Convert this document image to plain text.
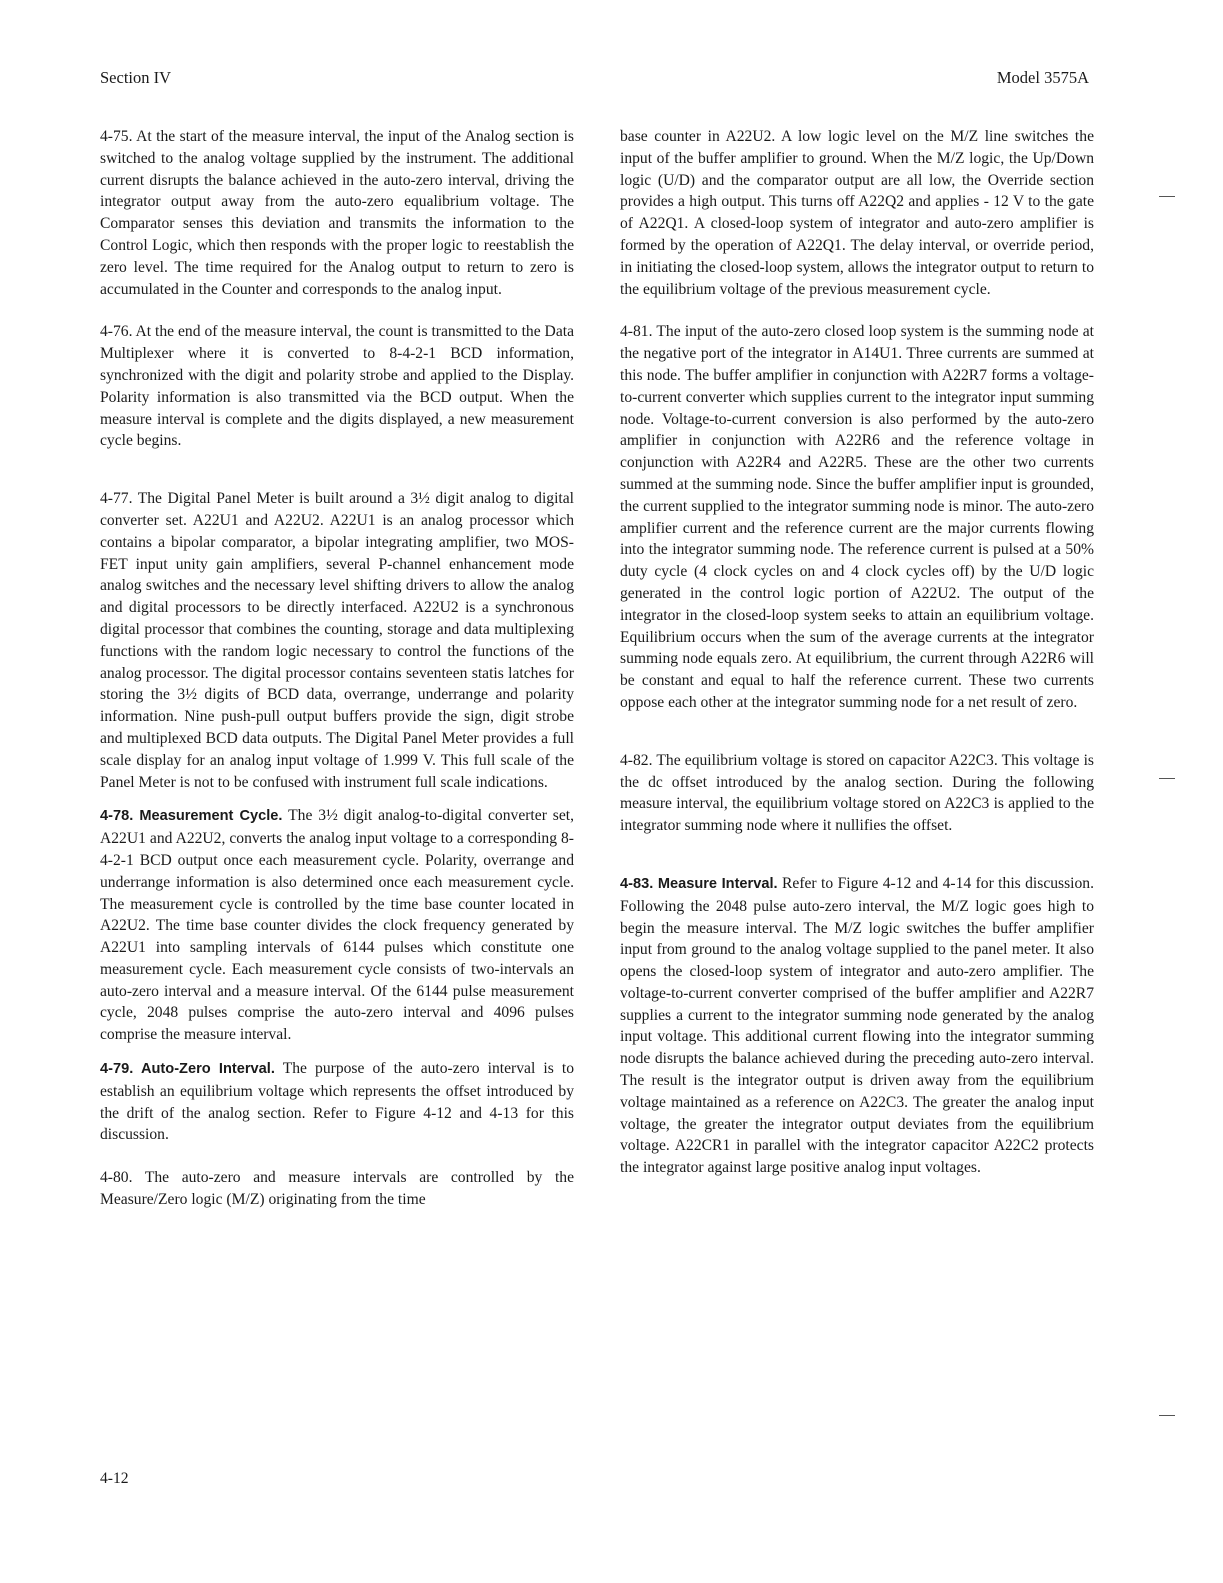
Section IV	Model 3575A

4-75. At the start of the measure interval, the input of the Analog section is switched to the analog voltage supplied by the instrument. The additional current disrupts the balance achieved in the auto-zero interval, driving the integrator output away from the auto-zero equalibrium voltage. The Comparator senses this deviation and transmits the information to the Control Logic, which then responds with the proper logic to reestablish the zero level. The time required for the Analog output to return to zero is accumulated in the Counter and corresponds to the analog input.

4-76. At the end of the measure interval, the count is transmitted to the Data Multiplexer where it is converted to 8-4-2-1 BCD information, synchronized with the digit and polarity strobe and applied to the Display. Polarity information is also transmitted via the BCD output. When the measure interval is complete and the digits displayed, a new measurement cycle begins.

4-77. The Digital Panel Meter is built around a 3½ digit analog to digital converter set. A22U1 and A22U2. A22U1 is an analog processor which contains a bipolar comparator, a bipolar integrating amplifier, two MOS-FET input unity gain amplifiers, several P-channel enhancement mode analog switches and the necessary level shifting drivers to allow the analog and digital processors to be directly interfaced. A22U2 is a synchronous digital processor that combines the counting, storage and data multiplexing functions with the random logic necessary to control the functions of the analog processor. The digital processor contains seventeen statis latches for storing the 3½ digits of BCD data, overrange, underrange and polarity information. Nine push-pull output buffers provide the sign, digit strobe and multiplexed BCD data outputs. The Digital Panel Meter provides a full scale display for an analog input voltage of 1.999 V. This full scale of the Panel Meter is not to be confused with instrument full scale indications.

4-78. Measurement Cycle. The 3½ digit analog-to-digital converter set, A22U1 and A22U2, converts the analog input voltage to a corresponding 8-4-2-1 BCD output once each measurement cycle. Polarity, overrange and underrange information is also determined once each measurement cycle. The measurement cycle is controlled by the time base counter located in A22U2. The time base counter divides the clock frequency generated by A22U1 into sampling intervals of 6144 pulses which constitute one measurement cycle. Each measurement cycle consists of two-intervals an auto-zero interval and a measure interval. Of the 6144 pulse measurement cycle, 2048 pulses comprise the auto-zero interval and 4096 pulses comprise the measure interval.

4-79. Auto-Zero Interval. The purpose of the auto-zero interval is to establish an equilibrium voltage which represents the offset introduced by the drift of the analog section. Refer to Figure 4-12 and 4-13 for this discussion.

4-80. The auto-zero and measure intervals are controlled by the Measure/Zero logic (M/Z) originating from the time

base counter in A22U2. A low logic level on the M/Z line switches the input of the buffer amplifier to ground. When the M/Z logic, the Up/Down logic (U/D) and the comparator output are all low, the Override section provides a high output. This turns off A22Q2 and applies - 12 V to the gate of A22Q1. A closed-loop system of integrator and auto-zero amplifier is formed by the operation of A22Q1. The delay interval, or override period, in initiating the closed-loop system, allows the integrator output to return to the equilibrium voltage of the previous measurement cycle.

4-81. The input of the auto-zero closed loop system is the summing node at the negative port of the integrator in A14U1. Three currents are summed at this node. The buffer amplifier in conjunction with A22R7 forms a voltage-to-current converter which supplies current to the integrator input summing node. Voltage-to-current conversion is also performed by the auto-zero amplifier in conjunction with A22R6 and the reference voltage in conjunction with A22R4 and A22R5. These are the other two currents summed at the summing node. Since the buffer amplifier input is grounded, the current supplied to the integrator summing node is minor. The auto-zero amplifier current and the reference current are the major currents flowing into the integrator summing node. The reference current is pulsed at a 50% duty cycle (4 clock cycles on and 4 clock cycles off) by the U/D logic generated in the control logic portion of A22U2. The output of the integrator in the closed-loop system seeks to attain an equilibrium voltage. Equilibrium occurs when the sum of the average currents at the integrator summing node equals zero. At equilibrium, the current through A22R6 will be constant and equal to half the reference current. These two currents oppose each other at the integrator summing node for a net result of zero.

4-82. The equilibrium voltage is stored on capacitor A22C3. This voltage is the dc offset introduced by the analog section. During the following measure interval, the equilibrium voltage stored on A22C3 is applied to the integrator summing node where it nullifies the offset.

4-83. Measure Interval. Refer to Figure 4-12 and 4-14 for this discussion. Following the 2048 pulse auto-zero interval, the M/Z logic goes high to begin the measure interval. The M/Z logic switches the buffer amplifier input from ground to the analog voltage supplied to the panel meter. It also opens the closed-loop system of integrator and auto-zero amplifier. The voltage-to-current converter comprised of the buffer amplifier and A22R7 supplies a current to the integrator summing node generated by the analog input voltage. This additional current flowing into the integrator summing node disrupts the balance achieved during the preceding auto-zero interval. The result is the integrator output is driven away from the equilibrium voltage maintained as a reference on A22C3. The greater the analog input voltage, the greater the integrator output deviates from the equilibrium voltage. A22CR1 in parallel with the integrator capacitor A22C2 protects the integrator against large positive analog input voltages.

4-12
